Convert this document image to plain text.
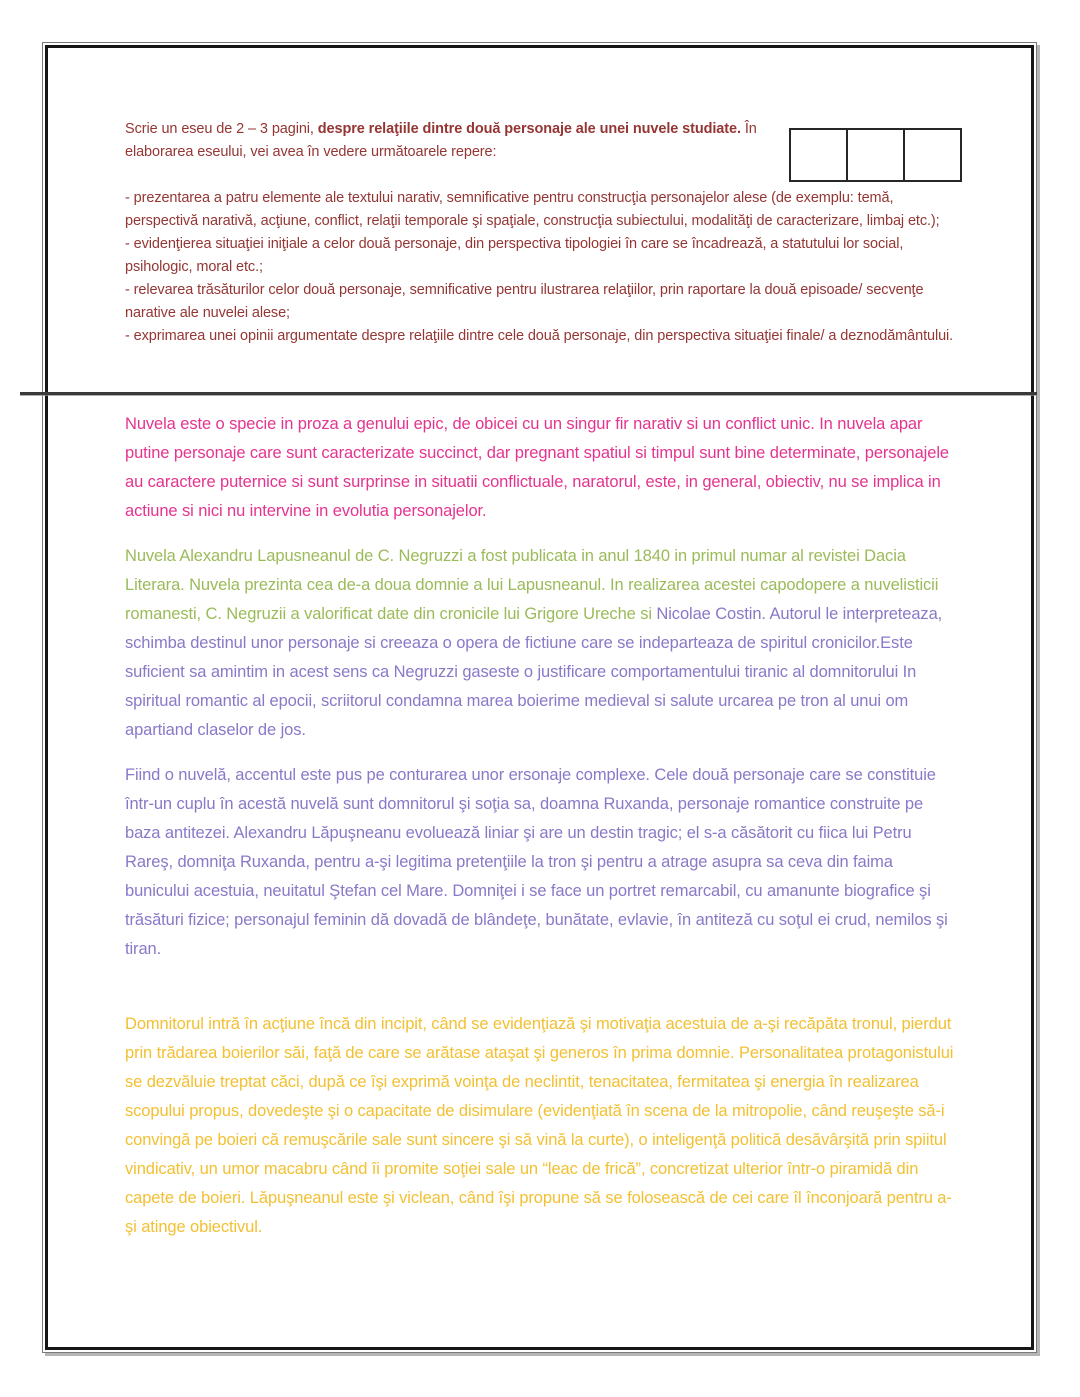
Scrie un eseu de 2 – 3 pagini, despre relaţiile dintre două personaje ale unei nuvele studiate. În elaborarea eseului, vei avea în vedere următoarele repere:

- prezentarea a patru elemente ale textului narativ, semnificative pentru construcţia personajelor alese (de exemplu: temă, perspectivă narativă, acţiune, conflict, relaţii temporale şi spaţiale, construcţia subiectului, modalităţi de caracterizare, limbaj etc.);
- evidenţierea situaţiei iniţiale a celor două personaje, din perspectiva tipologiei în care se încadrează, a statutului lor social, psihologic, moral etc.;
- relevarea trăsăturilor celor două personaje, semnificative pentru ilustrarea relaţiilor, prin raportare la două episoade/ secvenţe narative ale nuvelei alese;
- exprimarea unei opinii argumentate despre relaţiile dintre cele două personaje, din perspectiva situaţiei finale/ a deznodământului.

Nuvela este o specie in proza a genului epic, de obicei cu un singur fir narativ si un conflict unic. In nuvela apar putine personaje care sunt caracterizate succinct, dar pregnant spatiul si timpul sunt bine determinate, personajele au caractere puternice si sunt surprinse in situatii conflictuale, naratorul, este, in general, obiectiv, nu se implica in actiune si nici nu intervine in evolutia personajelor.

Nuvela Alexandru Lapusneanul de C. Negruzzi a fost publicata in anul 1840 in primul numar al revistei Dacia Literara. Nuvela prezinta cea de-a doua domnie a lui Lapusneanul. In realizarea acestei capodopere a nuvelisticii romanesti, C. Negruzii a valorificat date din cronicile lui Grigore Ureche si Nicolae Costin. Autorul le interpreteaza, schimba destinul unor personaje si creeaza o opera de fictiune care se indeparteaza de spiritul cronicilor.Este suficient sa amintim in acest sens ca Negruzzi gaseste o justificare comportamentului tiranic al domnitorului In spiritual romantic al epocii, scriitorul condamna marea boierime medieval si salute urcarea pe tron al unui om apartiand claselor de jos.

Fiind o nuvelă, accentul este pus pe conturarea unor ersonaje complexe. Cele două personaje care se constituie într-un cuplu în acestă nuvelă sunt domnitorul şi soţia sa, doamna Ruxanda, personaje romantice construite pe baza antitezei. Alexandru Lăpuşneanu evoluează liniar şi are un destin tragic; el s-a căsătorit cu fiica lui Petru Rareş, domniţa Ruxanda, pentru a-şi legitima pretenţiile la tron şi pentru a atrage asupra sa ceva din faima bunicului acestuia, neuitatul Ştefan cel Mare. Domniţei i se face un portret remarcabil, cu amanunte biografice şi trăsături fizice; personajul feminin dă dovadă de blândeţe, bunătate, evlavie, în antiteză cu soţul ei crud, nemilos şi tiran.

Domnitorul intră în acţiune încă din incipit, când se evidenţiază şi motivaţia acestuia de a-şi recăpăta tronul, pierdut prin trădarea boierilor săi, faţă de care se arătase ataşat şi generos în prima domnie. Personalitatea protagonistului se dezvăluie treptat căci, după ce îşi exprimă voinţa de neclintit, tenacitatea, fermitatea şi energia în realizarea scopului propus, dovedeşte şi o capacitate de disimulare (evidenţiată în scena de la mitropolie, când reuşeşte să-i convingă pe boieri că remuşcările sale sunt sincere şi să vină la curte), o inteligenţă politică desăvârşită prin spiitul vindicativ, un umor macabru când îi promite soţiei sale un “leac de frică”, concretizat ulterior într-o piramidă din capete de boieri. Lăpuşneanul este şi viclean, când îşi propune să se folosească de cei care îl înconjoară pentru a-şi atinge obiectivul.
